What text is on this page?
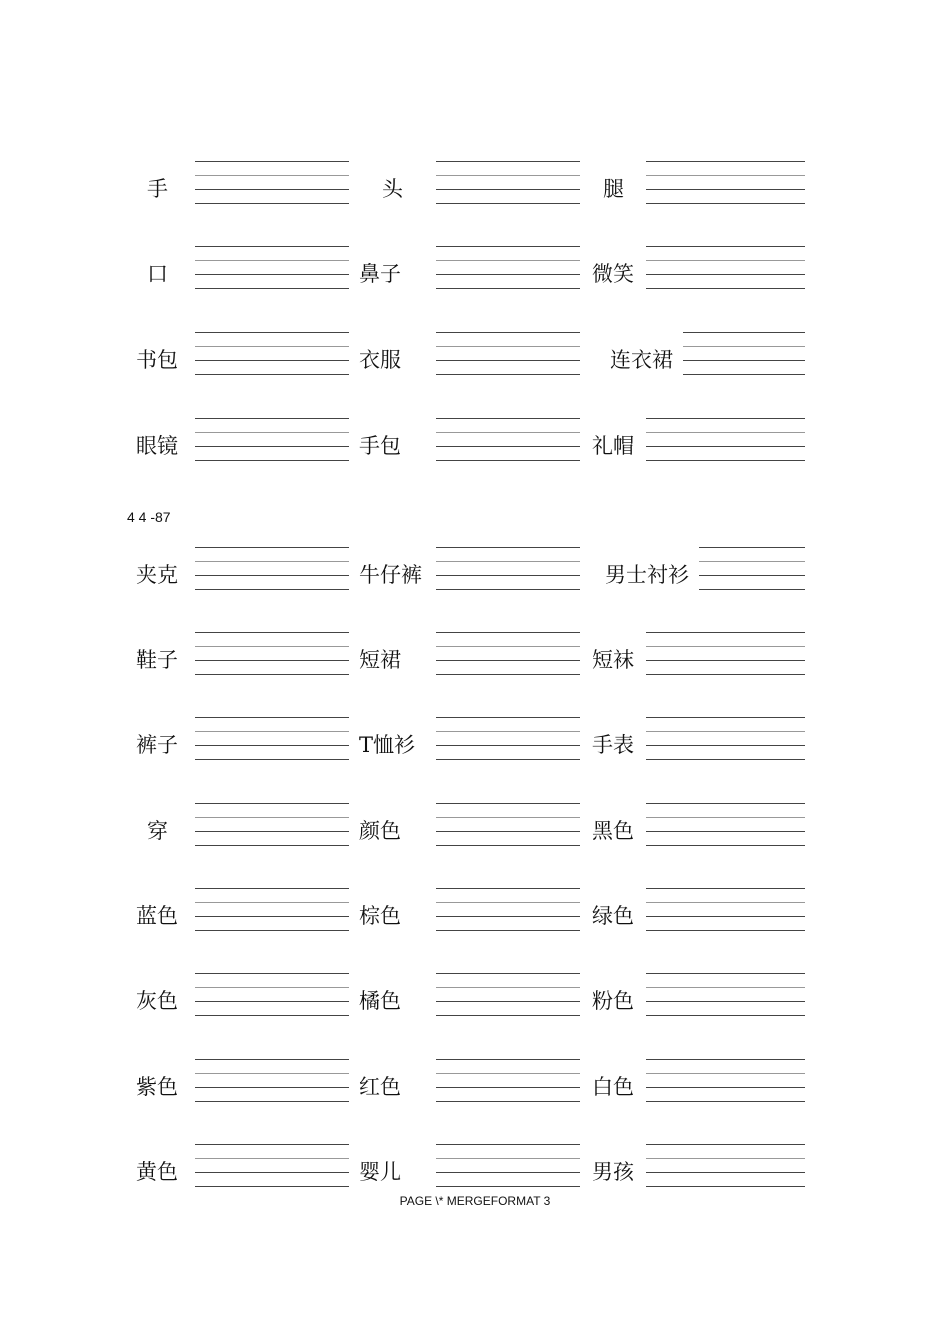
手	头	腿
口	鼻子	微笑
书包	衣服	连衣裙
眼镜	手包	礼帽
夹克	牛仔裤	男士衬衫
鞋子	短裙	短袜
裤子	T恤衫	手表
穿	颜色	黑色
蓝色	棕色	绿色
灰色	橘色	粉色
紫色	红色	白色
黄色	婴儿	男孩
4 4 -87
PAGE \* MERGEFORMAT 3
